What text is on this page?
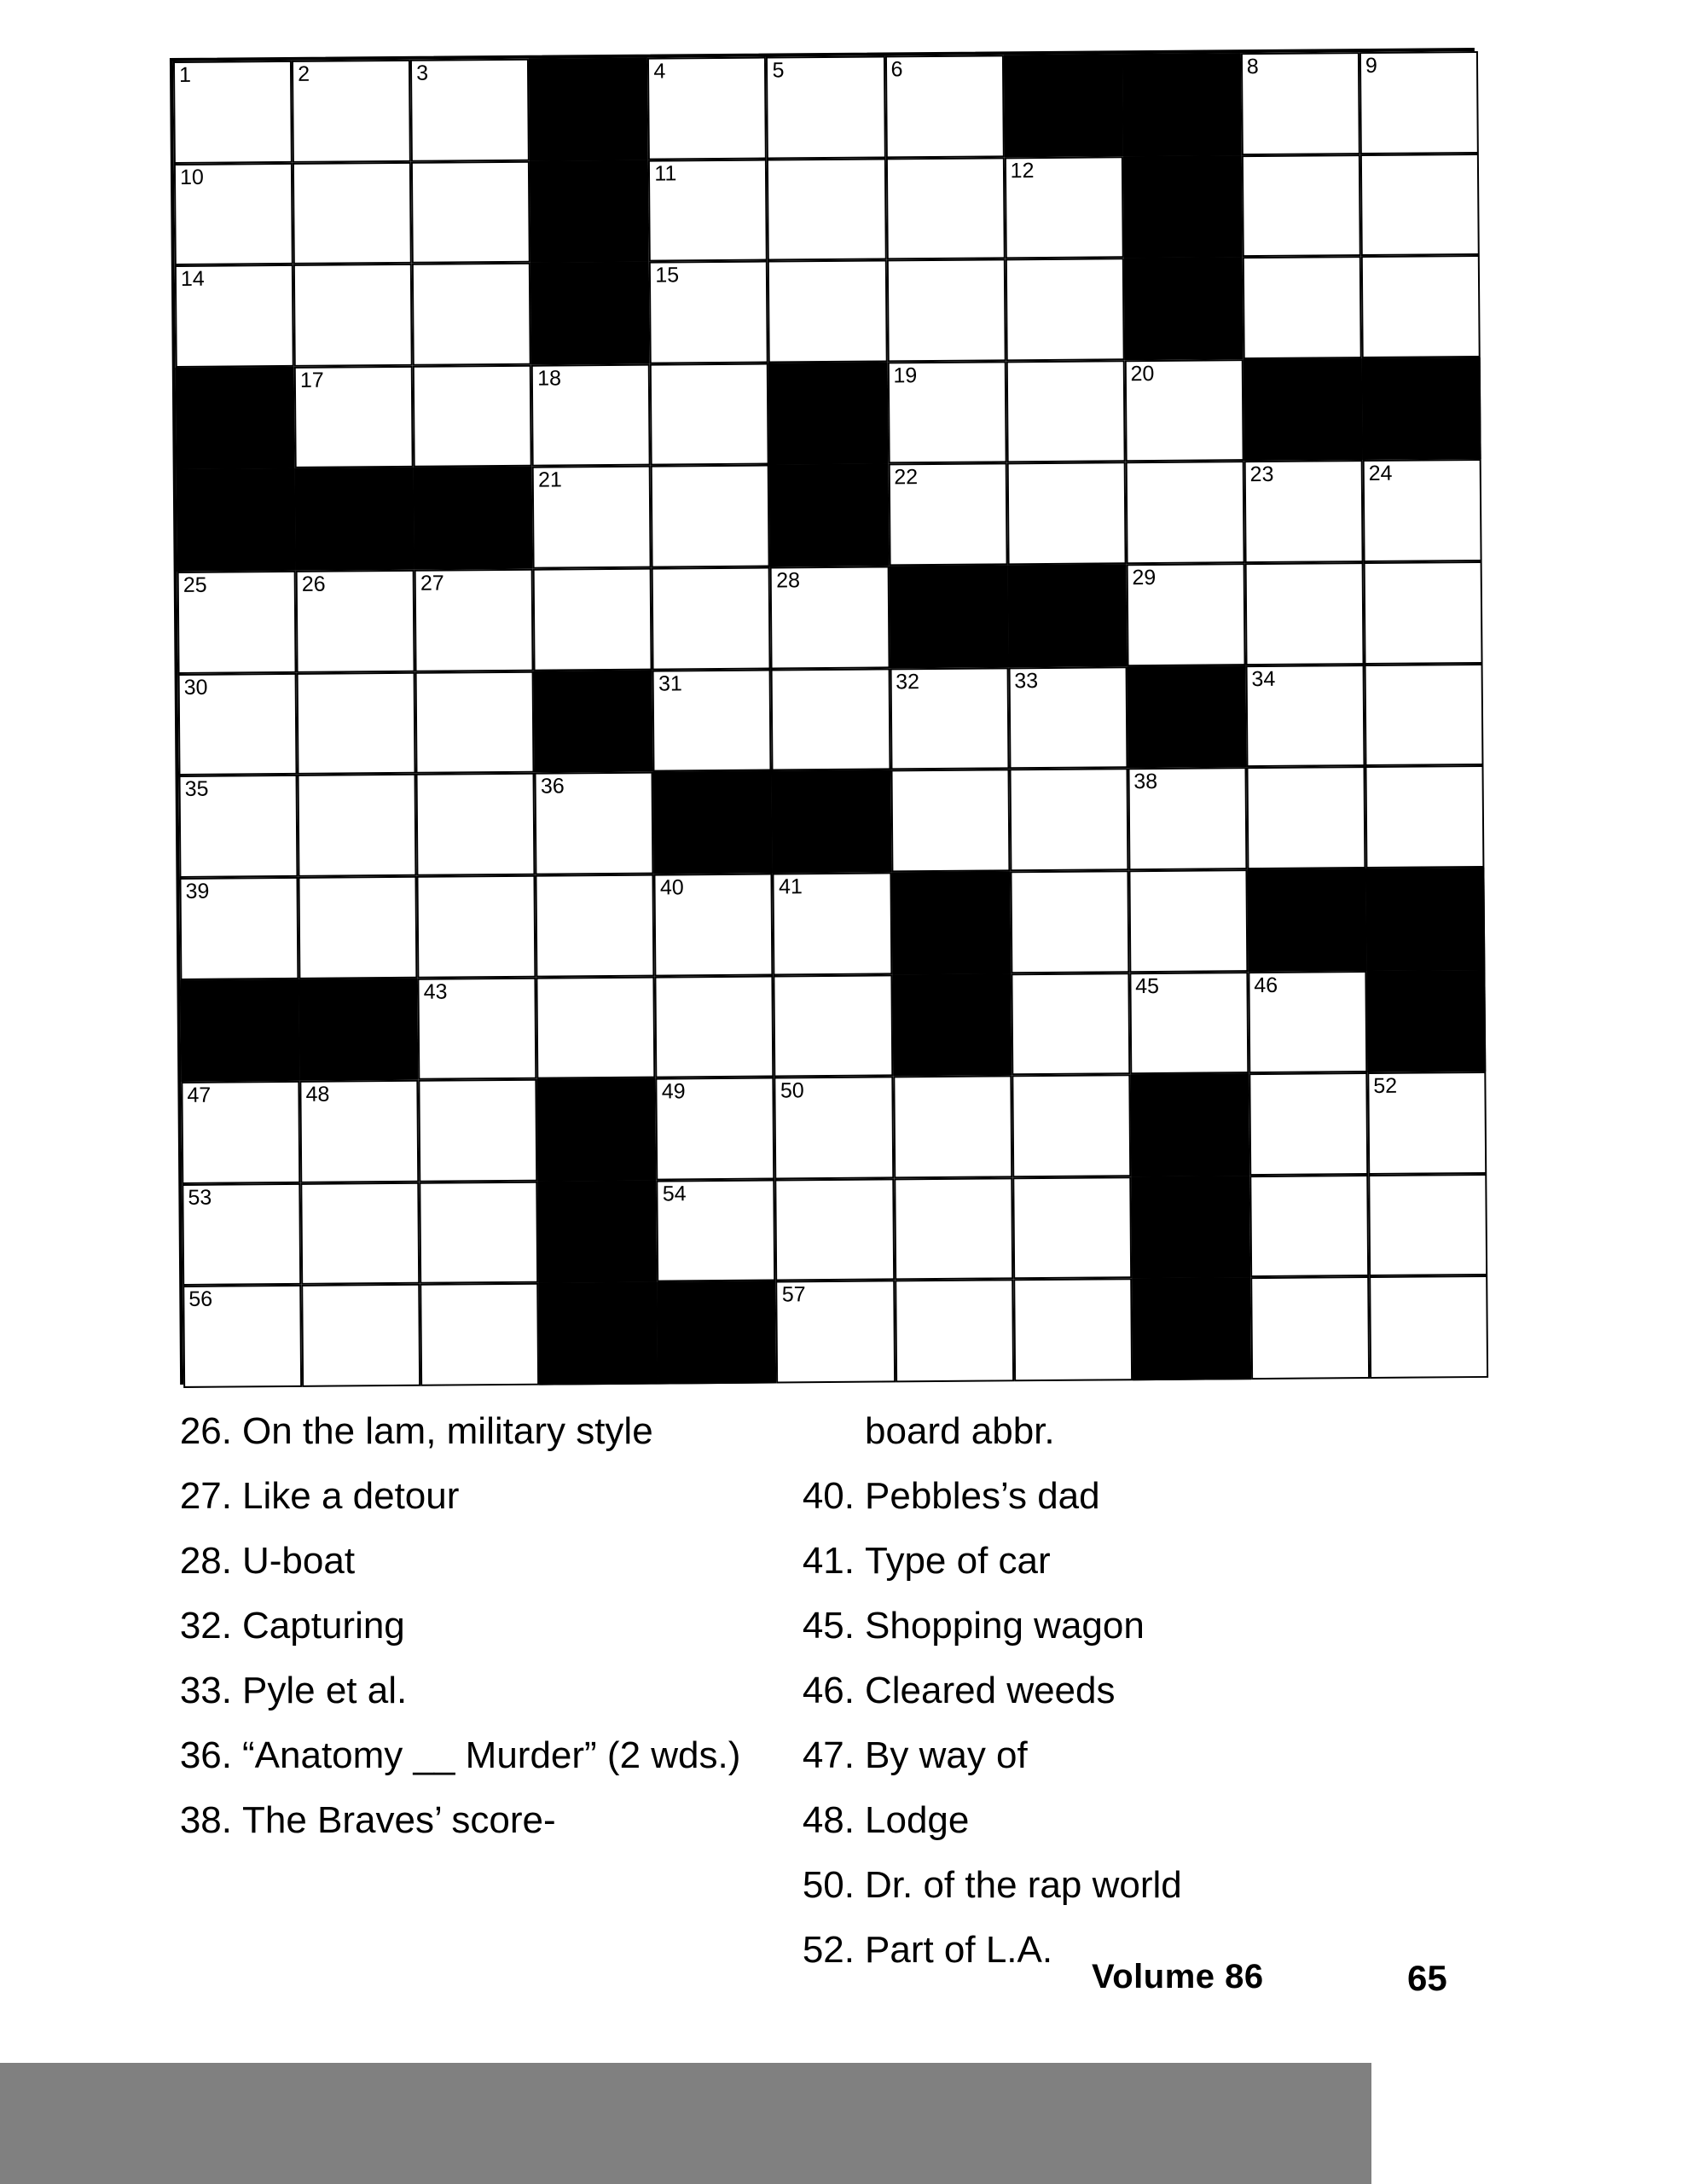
1	2	3	4	5	6	8	9
10	11	12
14	15
17	18	19	20
21	22	23	24
25	26	27	28	29
30	31	32	33	34
35	36	38
39	40	41
43	45	46
47	48	49	50	52
53	54
56	57
26. On the lam, military style
27. Like a detour
28. U-boat
32. Capturing
33. Pyle et al.
36. “Anatomy __ Murder” (2 wds.)
38. The Braves’ score-
board abbr.
40. Pebbles’s dad
41. Type of car
45. Shopping wagon
46. Cleared weeds
47. By way of
48. Lodge
50. Dr. of the rap world
52. Part of L.A.
Volume 86	65
